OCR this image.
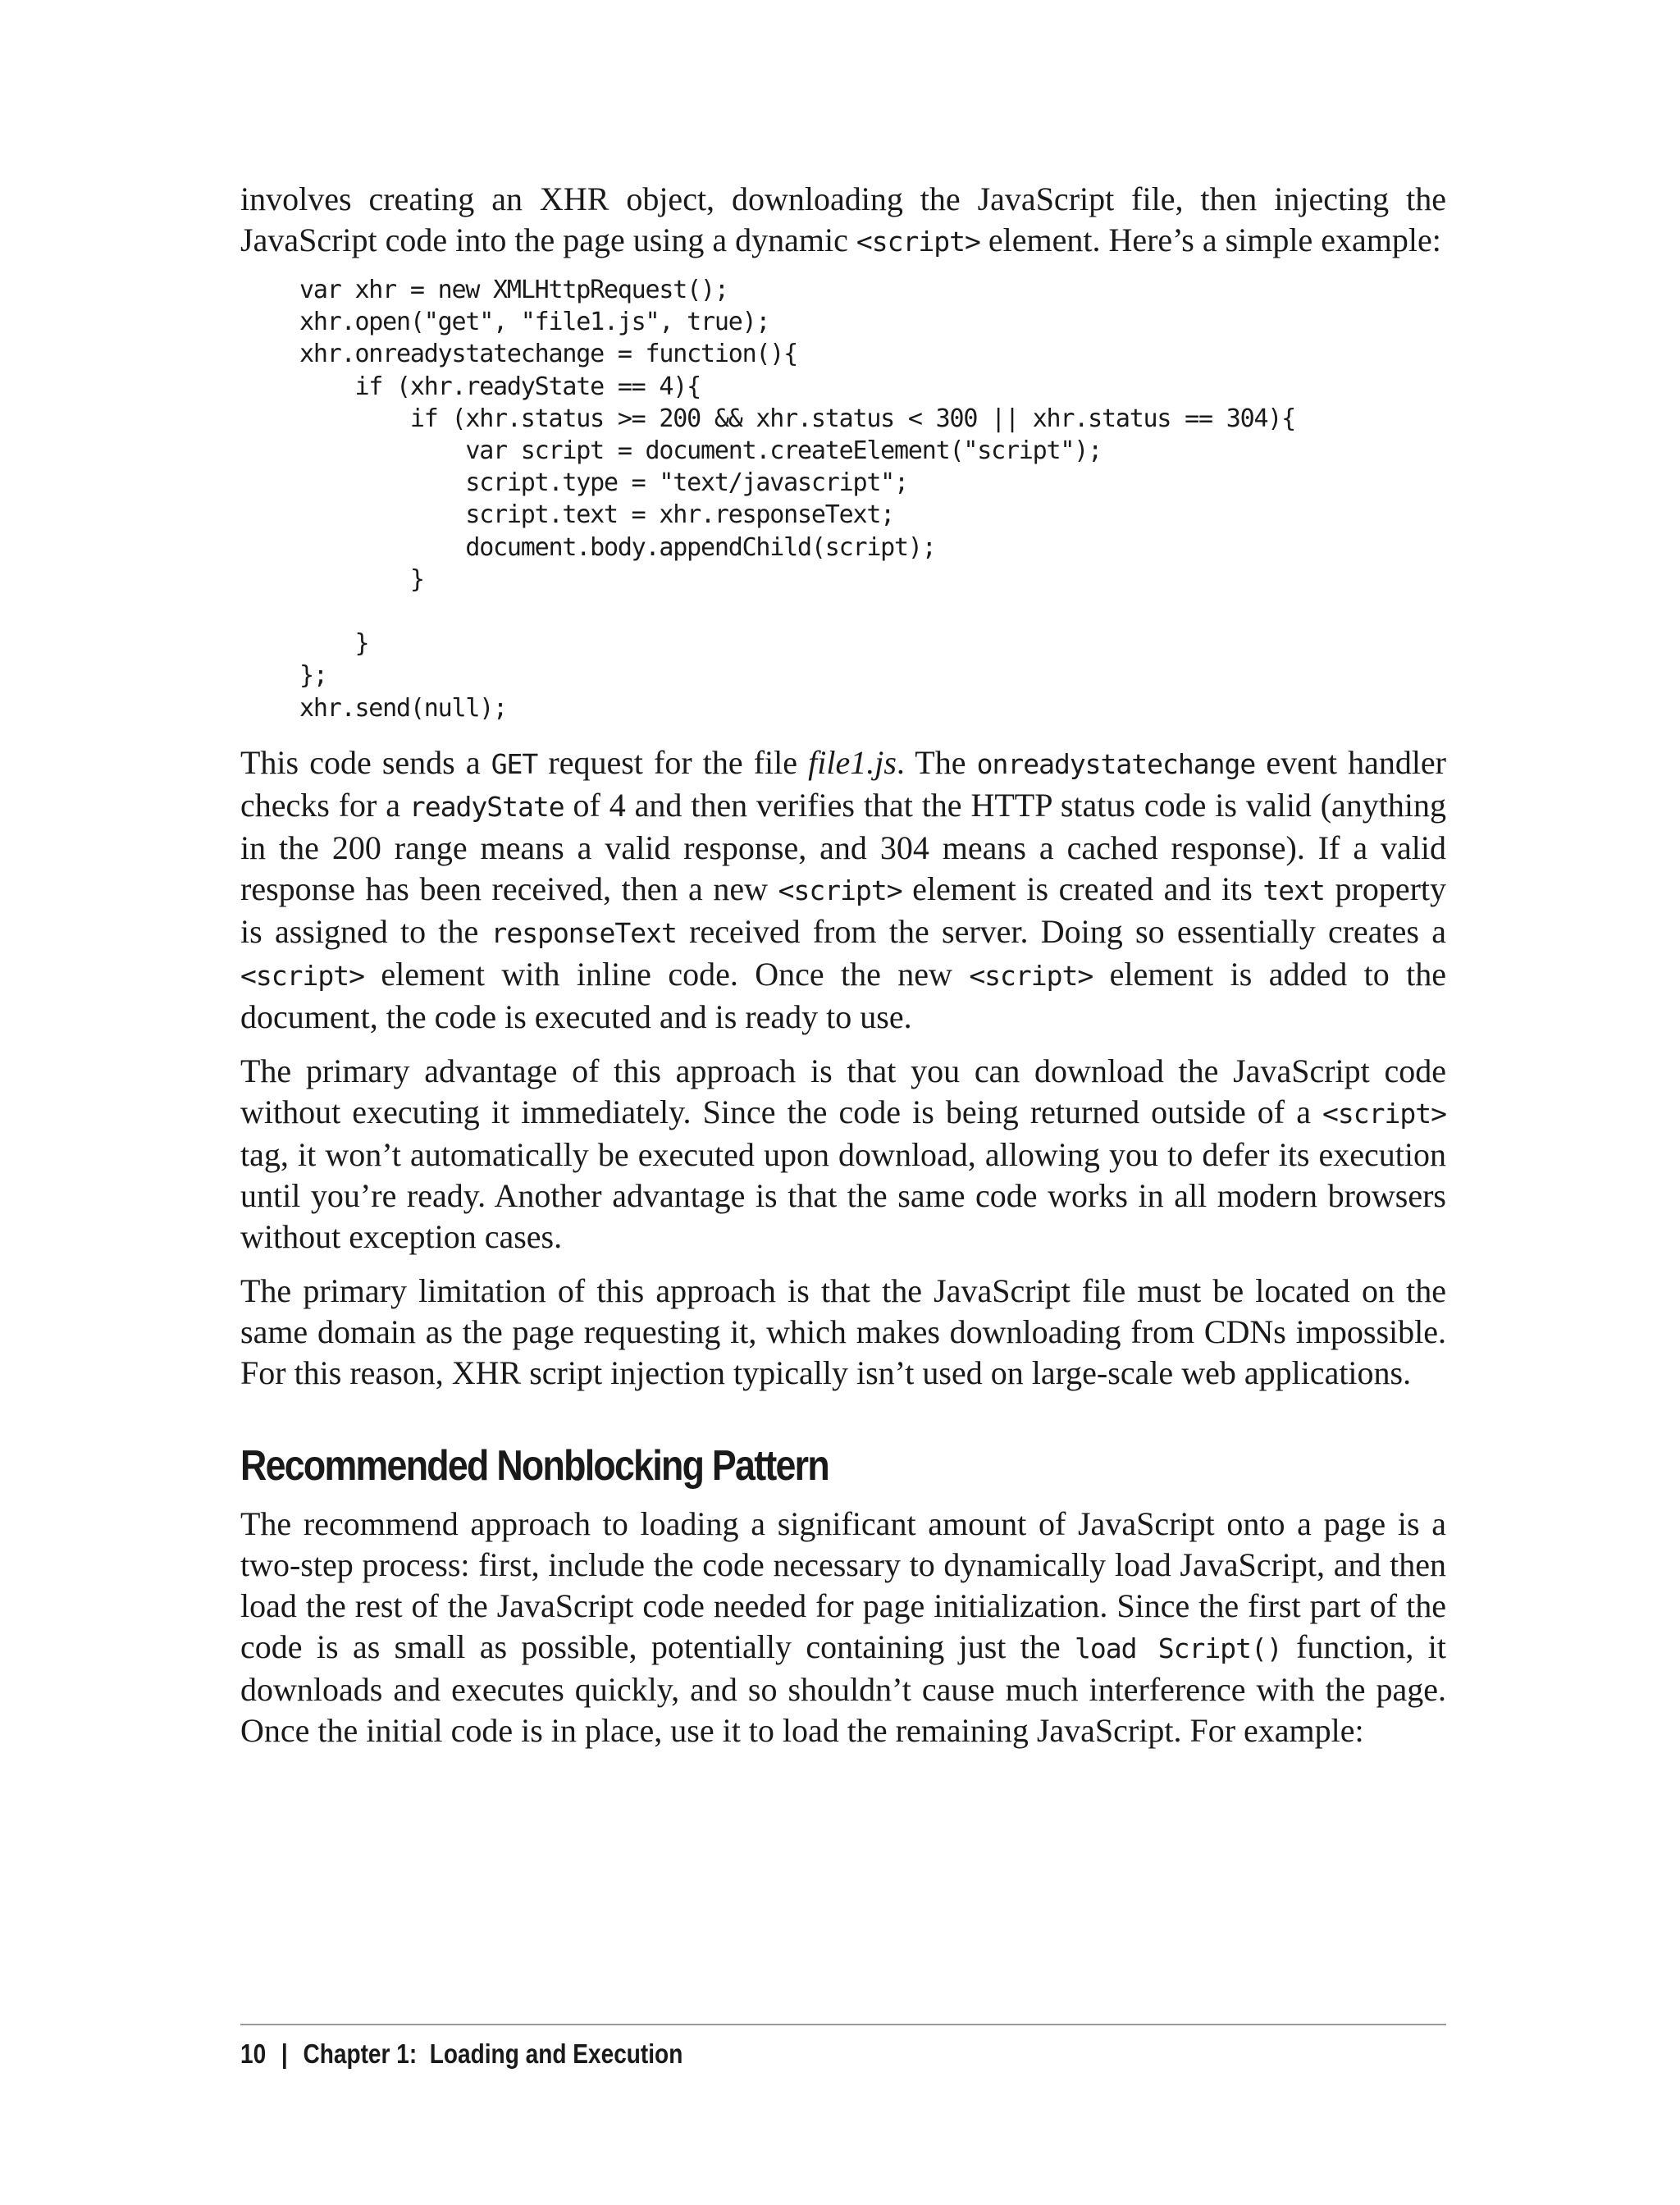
involves creating an XHR object, downloading the JavaScript file, then injecting the JavaScript code into the page using a dynamic <script> element. Here’s a simple example:

var xhr = new XMLHttpRequest();
xhr.open("get", "file1.js", true);
xhr.onreadystatechange = function(){
if (xhr.readyState == 4){
if (xhr.status >= 200 && xhr.status < 300 || xhr.status == 304){
var script = document.createElement("script");
script.type = "text/javascript";
script.text = xhr.responseText;
document.body.appendChild(script);
}

}
};
xhr.send(null);

This code sends a GET request for the file file1.js. The onreadystatechange event handler checks for a readyState of 4 and then verifies that the HTTP status code is valid (anything in the 200 range means a valid response, and 304 means a cached response). If a valid response has been received, then a new <script> element is created and its text property is assigned to the responseText received from the server. Doing so essentially creates a <script> element with inline code. Once the new <script> element is added to the document, the code is executed and is ready to use.

The primary advantage of this approach is that you can download the JavaScript code without executing it immediately. Since the code is being returned outside of a <script> tag, it won’t automatically be executed upon download, allowing you to defer its execution until you’re ready. Another advantage is that the same code works in all modern browsers without exception cases.

The primary limitation of this approach is that the JavaScript file must be located on the same domain as the page requesting it, which makes downloading from CDNs impossible. For this reason, XHR script injection typically isn’t used on large-scale web applications.

Recommended Nonblocking Pattern

The recommend approach to loading a significant amount of JavaScript onto a page is a two-step process: first, include the code necessary to dynamically load JavaScript, and then load the rest of the JavaScript code needed for page initialization. Since the first part of the code is as small as possible, potentially containing just the load Script() function, it downloads and executes quickly, and so shouldn’t cause much interference with the page. Once the initial code is in place, use it to load the remaining JavaScript. For example:

10 | Chapter 1:  Loading and Execution
